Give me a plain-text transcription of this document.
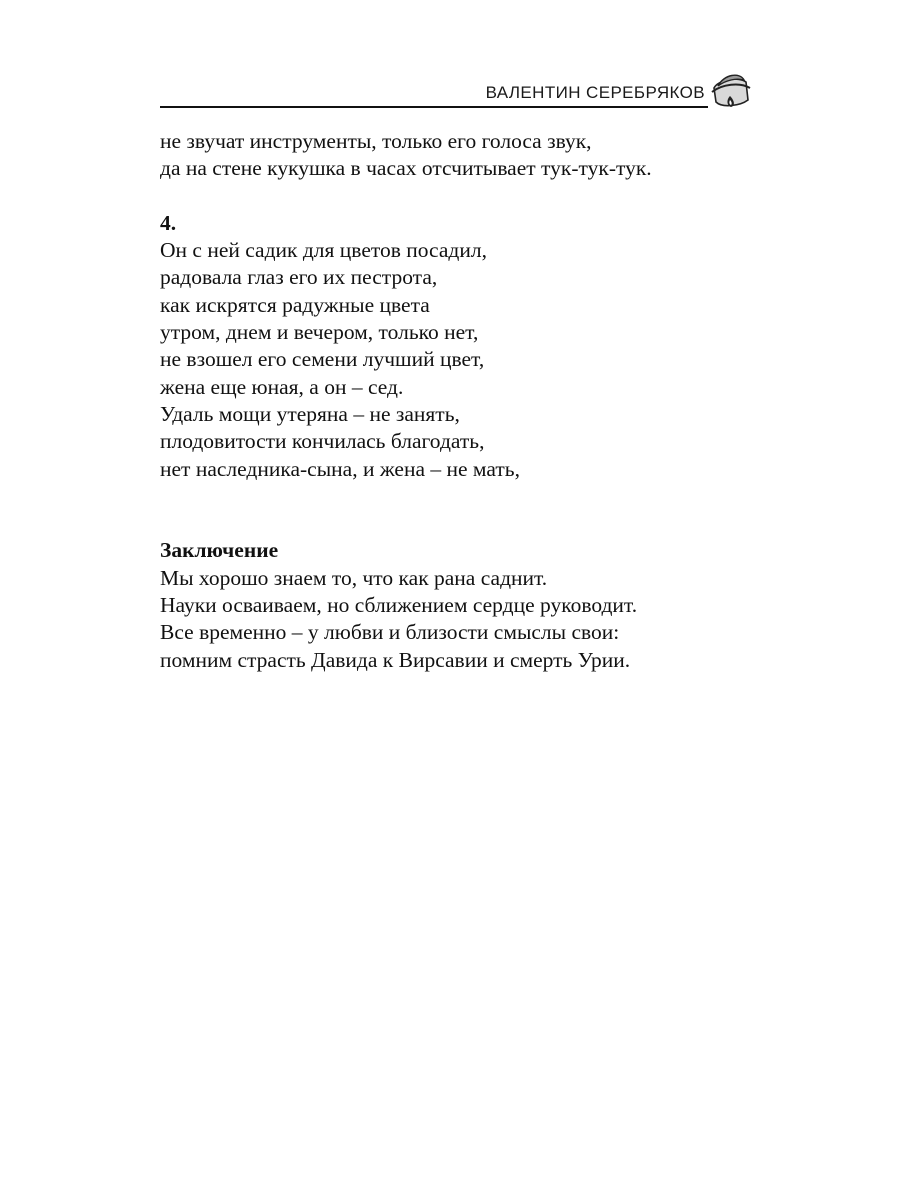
ВАЛЕНТИН СЕРЕБРЯКОВ
не звучат инструменты, только его голоса звук,
да на стене кукушка в часах отсчитывает тук-тук-тук.
4.
Он с ней садик для цветов посадил,
радовала глаз его их пестрота,
как искрятся радужные цвета
утром, днем и вечером, только нет,
не взошел его семени лучший цвет,
жена еще юная, а он – сед.
Удаль мощи утеряна – не занять,
плодовитости кончилась благодать,
нет наследника-сына, и жена – не мать,
Заключение
Мы хорошо знаем то, что как рана саднит.
Науки осваиваем, но сближением сердце руководит.
Все временно – у любви и близости смыслы свои:
помним страсть Давида к Вирсавии и смерть Урии.
